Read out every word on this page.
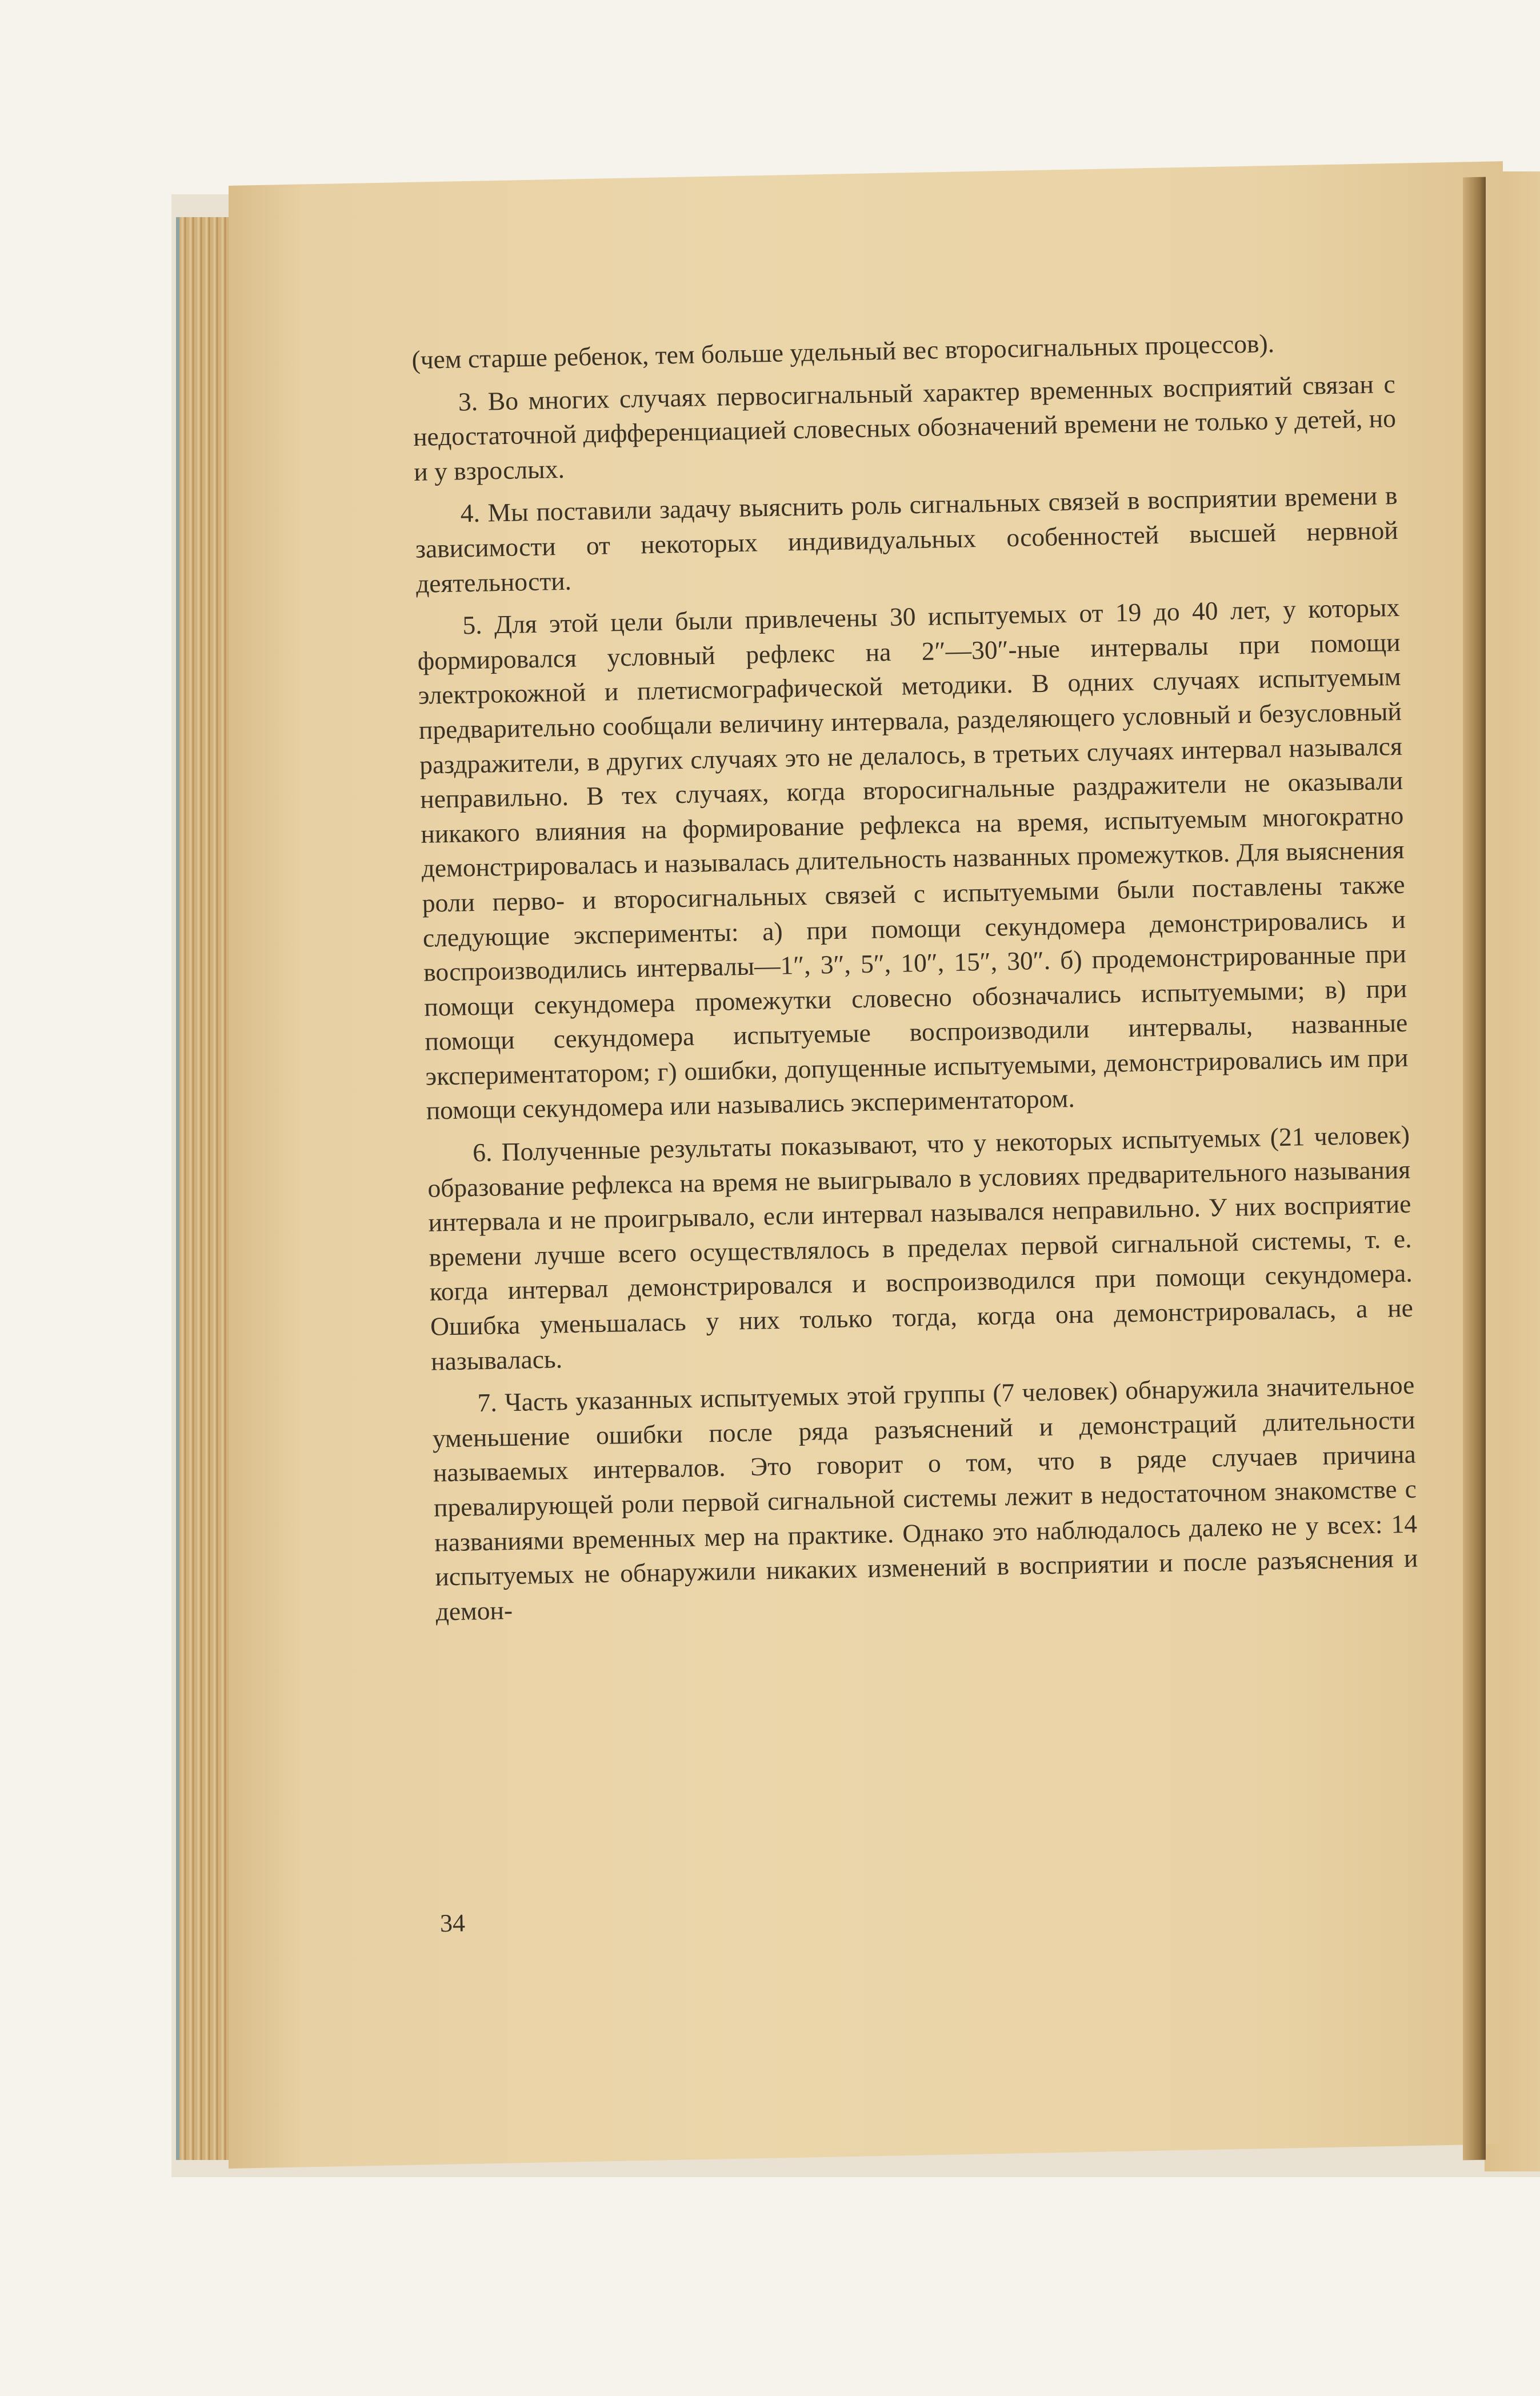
(чем старше ребенок, тем больше удельный вес второсигнальных процессов).

3. Во многих случаях первосигнальный характер временных восприятий связан с недостаточной дифференциацией словесных обозначений времени не только у детей, но и у взрослых.

4. Мы поставили задачу выяснить роль сигнальных связей в восприятии времени в зависимости от некоторых индивидуальных особенностей высшей нервной деятельности.

5. Для этой цели были привлечены 30 испытуемых от 19 до 40 лет, у которых формировался условный рефлекс на 2″—30″-ные интервалы при помощи электрокожной и плетисмографической методики. В одних случаях испытуемым предварительно сообщали величину интервала, разделяющего условный и безусловный раздражители, в других случаях это не делалось, в третьих случаях интервал назывался неправильно. В тех случаях, когда второсигнальные раздражители не оказывали никакого влияния на формирование рефлекса на время, испытуемым многократно демонстрировалась и называлась длительность названных промежутков. Для выяснения роли перво- и второсигнальных связей с испытуемыми были поставлены также следующие эксперименты: а) при помощи секундомера демонстрировались и воспроизводились интервалы—1″, 3″, 5″, 10″, 15″, 30″. б) продемонстрированные при помощи секундомера промежутки словесно обозначались испытуемыми; в) при помощи секундомера испытуемые воспроизводили интервалы, названные экспериментатором; г) ошибки, допущенные испытуемыми, демонстрировались им при помощи секундомера или назывались экспериментатором.

6. Полученные результаты показывают, что у некоторых испытуемых (21 человек) образование рефлекса на время не выигрывало в условиях предварительного называния интервала и не проигрывало, если интервал назывался неправильно. У них восприятие времени лучше всего осуществлялось в пределах первой сигнальной системы, т. е. когда интервал демонстрировался и воспроизводился при помощи секундомера. Ошибка уменьшалась у них только тогда, когда она демонстрировалась, а не называлась.

7. Часть указанных испытуемых этой группы (7 человек) обнаружила значительное уменьшение ошибки после ряда разъяснений и демонстраций длительности называемых интервалов. Это говорит о том, что в ряде случаев причина превалирующей роли первой сигнальной системы лежит в недостаточном знакомстве с названиями временных мер на практике. Однако это наблюдалось далеко не у всех: 14 испытуемых не обнаружили никаких изменений в восприятии и после разъяснения и демон-

34
